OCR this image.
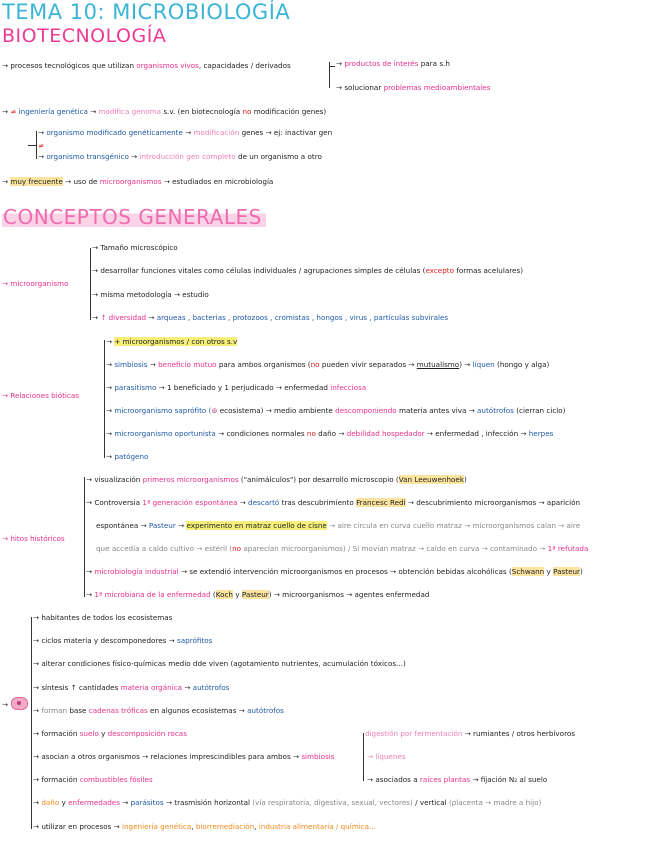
TEMA 10: MICROBIOLOGÍA
BIOTECNOLOGÍA
→ procesos tecnológicos que utilizan organismos vivos, capacidades / derivados	→ productos de interés para s.h
→ solucionar problemas medioambientales
→ ≠ ingeniería genética → modifica genoma s.v. (en biotecnología no modificación genes)
→ organismo modificado genéticamente → modificación genes → ej: inactivar gen
≠
→ organismo transgénico → introducción gen completo de un organismo a otro
→ muy frecuente → uso de microorganismos → estudiados en microbiología
CONCEPTOS GENERALES
→ microorganismo
→ Tamaño microscópico
→ desarrollar funciones vitales como células individuales / agrupaciones simples de células (excepto formas acelulares)
→ misma metodología → estudio
→ ↑ diversidad → arqueas , bacterias , protozoos , cromistas , hongos , virus , partículas subvirales
→ Relaciones bióticas
→ + microorganismos / con otros s.v
→ simbiosis → beneficio mutuo para ambos organismos (no pueden vivir separados → mutualismo) → líquen (hongo y alga)
→ parasitismo → 1 beneficiado y 1 perjudicado → enfermedad infecciosa
→ microorganismo saprófito (⊛ ecosistema) → medio ambiente descomponiendo materia antes viva → autótrofos (cierran ciclo)
→ microorganismo oportunista → condiciones normales no daño → debilidad hospedador → enfermedad , infección → herpes
→ patógeno
→ hitos históricos
→ visualización primeros microorganismos ("animálculos") por desarrollo microscopio (Van Leeuwenhoek)
→ Controversia 1ª generación espontánea → descartó tras descubrimiento Francesc Redi → descubrimiento microorganismos → aparición
espontánea → Pasteur → experimento en matraz cuello de cisne → aire circula en curva cuello matraz → microorganismos caían → aire
que accedía a caldo cultivo → estéril (no aparecían microorganismos) / Si movían matraz → caldo en curva → contaminado → 1ª refutada
→ microbiología industrial → se extendió intervención microorganismos en procesos → obtención bebidas alcohólicas (Schwann y Pasteur)
→ 1ª microbiana de la enfermedad (Koch y Pasteur) → microorganismos → agentes enfermedad
→
→ habitantes de todos los ecosistemas
→ ciclos materia y descomponedores → saprófitos
→ alterar condiciones físico-químicas medio dde viven (agotamiento nutrientes, acumulación tóxicos...)
→ síntesis ↑ cantidades materia orgánica → autótrofos
→ forman base cadenas tróficas en algunos ecosistemas → autótrofos
→ formación suelo y descomposición rocas	digestión por fermentación → rumiantes / otros herbívoros
→ asocian a otros organismos → relaciones imprescindibles para ambos → simbiosis	→ líquenes
→ formación combustibles fósiles	→ asociados a raíces plantas → fijación N₂ al suelo
→ daño y enfermedades → parásitos → trasmisión horizontal (vía respiratoria, digestiva, sexual, vectores) / vertical (placenta → madre a hijo)
→ utilizar en procesos → ingeniería genética, biorremediación, industria alimentaria / química...
